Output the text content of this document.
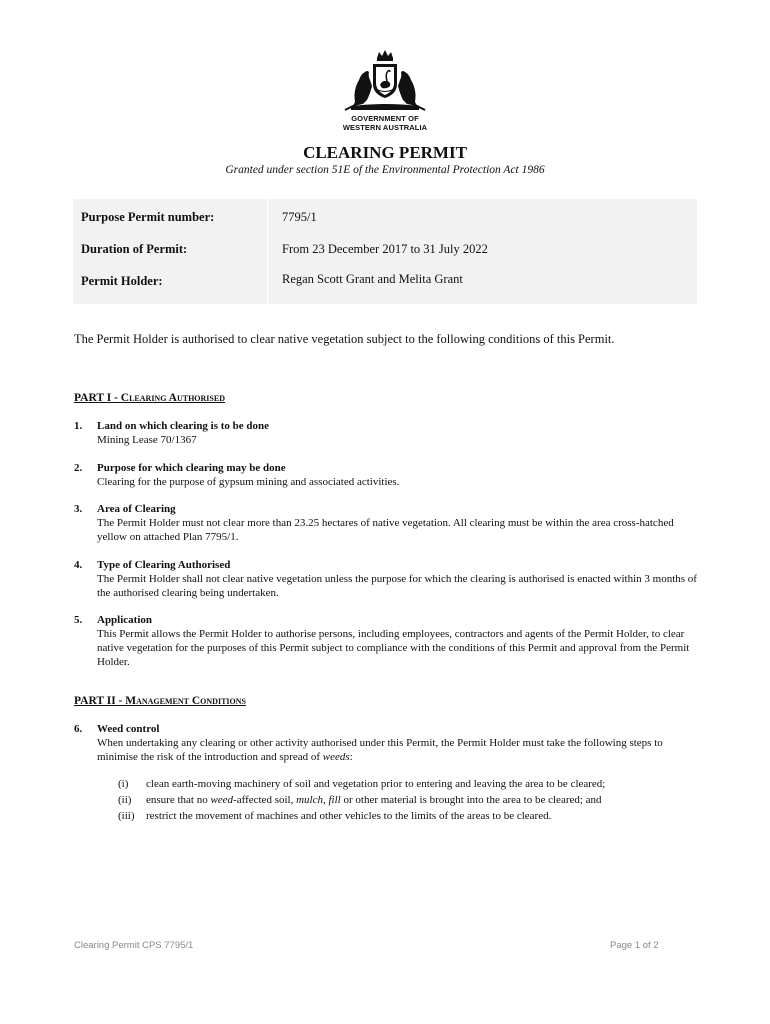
GOVERNMENT OF
WESTERN AUSTRALIA
CLEARING PERMIT
Granted under section 51E of the Environmental Protection Act 1986
Purpose Permit number:	7795/1
Duration of Permit:	From 23 December 2017 to 31 July 2022
Permit Holder:	Regan Scott Grant and Melita Grant
The Permit Holder is authorised to clear native vegetation subject to the following conditions of this Permit.
PART I - Clearing Authorised
1. Land on which clearing is to be done
Mining Lease 70/1367
2. Purpose for which clearing may be done
Clearing for the purpose of gypsum mining and associated activities.
3. Area of Clearing
The Permit Holder must not clear more than 23.25 hectares of native vegetation. All clearing must be within the area cross-hatched yellow on attached Plan 7795/1.
4. Type of Clearing Authorised
The Permit Holder shall not clear native vegetation unless the purpose for which the clearing is authorised is enacted within 3 months of the authorised clearing being undertaken.
5. Application
This Permit allows the Permit Holder to authorise persons, including employees, contractors and agents of the Permit Holder, to clear native vegetation for the purposes of this Permit subject to compliance with the conditions of this Permit and approval from the Permit Holder.
PART II - Management Conditions
6. Weed control
When undertaking any clearing or other activity authorised under this Permit, the Permit Holder must take the following steps to minimise the risk of the introduction and spread of weeds:
(i) clean earth-moving machinery of soil and vegetation prior to entering and leaving the area to be cleared;
(ii) ensure that no weed-affected soil, mulch, fill or other material is brought into the area to be cleared; and
(iii) restrict the movement of machines and other vehicles to the limits of the areas to be cleared.
Clearing Permit CPS 7795/1	Page 1 of 2
